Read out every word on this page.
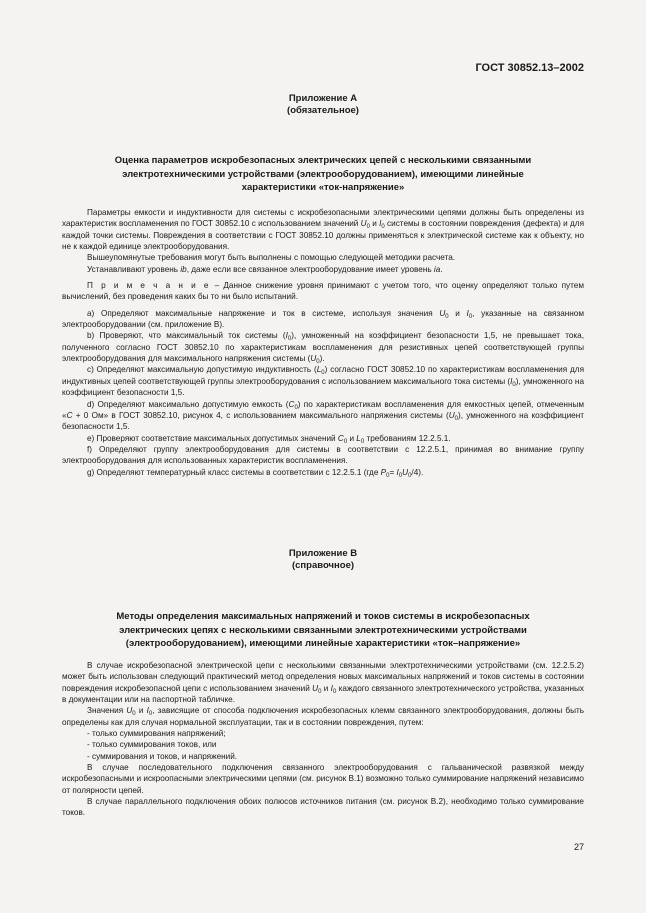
ГОСТ 30852.13–2002
Приложение А
(обязательное)
Оценка параметров искробезопасных электрических цепей с несколькими связанными
электротехническими устройствами (электрооборудованием), имеющими линейные
характеристики «ток-напряжение»

Параметры емкости и индуктивности для системы с искробезопасными электрическими цепями должны быть определены из характеристик воспламенения по ГОСТ 30852.10 с использованием значений $U_0$ и $I_0$ системы в состоянии повреждения (дефекта) и для каждой точки системы. Повреждения в соответствии с ГОСТ 30852.10 должны применяться к электрической системе как к объекту, но не к каждой единице электрооборудования.

Вышеупомянутые требования могут быть выполнены с помощью следующей методики расчета.

Устанавливают уровень ib, даже если все связанное электрооборудование имеет уровень ia.

П р и м е ч а н и е – Данное снижение уровня принимают с учетом того, что оценку определяют только путем вычислений, без проведения каких бы то ни было испытаний.

a) Определяют максимальные напряжение и ток в системе, используя значения $U_0$ и $I_0$, указанные на связанном электрооборудовании (см. приложение В).

b) Проверяют, что максимальный ток системы $(I_0)$, умноженный на коэффициент безопасности 1,5, не превышает тока, полученного согласно ГОСТ 30852.10 по характеристикам воспламенения для резистивных цепей соответствующей группы электрооборудования для максимального напряжения системы $(U_0)$.

c) Определяют максимальную допустимую индуктивность $(L_0)$ согласно ГОСТ 30852.10 по характеристикам воспламенения для индуктивных цепей соответствующей группы электрооборудования с использованием максимального тока системы $(I_0)$, умноженного на коэффициент безопасности 1,5.

d) Определяют максимально допустимую емкость $(C_0)$ по характеристикам воспламенения для емкостных цепей, отмеченным «C + 0 Ом» в ГОСТ 30852.10, рисунок 4, с использованием максимального напряжения системы $(U_0)$, умноженного на коэффициент безопасности 1,5.

e) Проверяют соответствие максимальных допустимых значений $C_0$ и $L_0$ требованиям 12.2.5.1.

f) Определяют группу электрооборудования для системы в соответствии с 12.2.5.1, принимая во внимание группу электрооборудования для использованных характеристик воспламенения.

g) Определяют температурный класс системы в соответствии с 12.2.5.1 (где $P_0= I_0U_0/4$).

Приложение В
(справочное)
Методы определения максимальных напряжений и токов системы в искробезопасных
электрических цепях с несколькими связанными электротехническими устройствами
(электрооборудованием), имеющими линейные характеристики «ток–напряжение»

В случае искробезопасной электрической цепи с несколькими связанными электротехническими устройствами (см. 12.2.5.2) может быть использован следующий практический метод определения новых максимальных напряжений и токов системы в состоянии повреждения искробезопасной цепи с использованием значений $U_0$ и $I_0$ каждого связанного электротехнического устройства, указанных в документации или на паспортной табличке.

Значения $U_0$ и $I_0$, зависящие от способа подключения искробезопасных клемм связанного электрооборудования, должны быть определены как для случая нормальной эксплуатации, так и в состоянии повреждения, путем:

- только суммирования напряжений;

- только суммирования токов, или

- суммирования и токов, и напряжений.

В случае последовательного подключения связанного электрооборудования с гальванической развязкой между искробезопасными и искроопасными электрическими цепями (см. рисунок В.1) возможно только суммирование напряжений независимо от полярности цепей.

В случае параллельного подключения обоих полюсов источников питания (см. рисунок В.2), необходимо только суммирование токов.

27
